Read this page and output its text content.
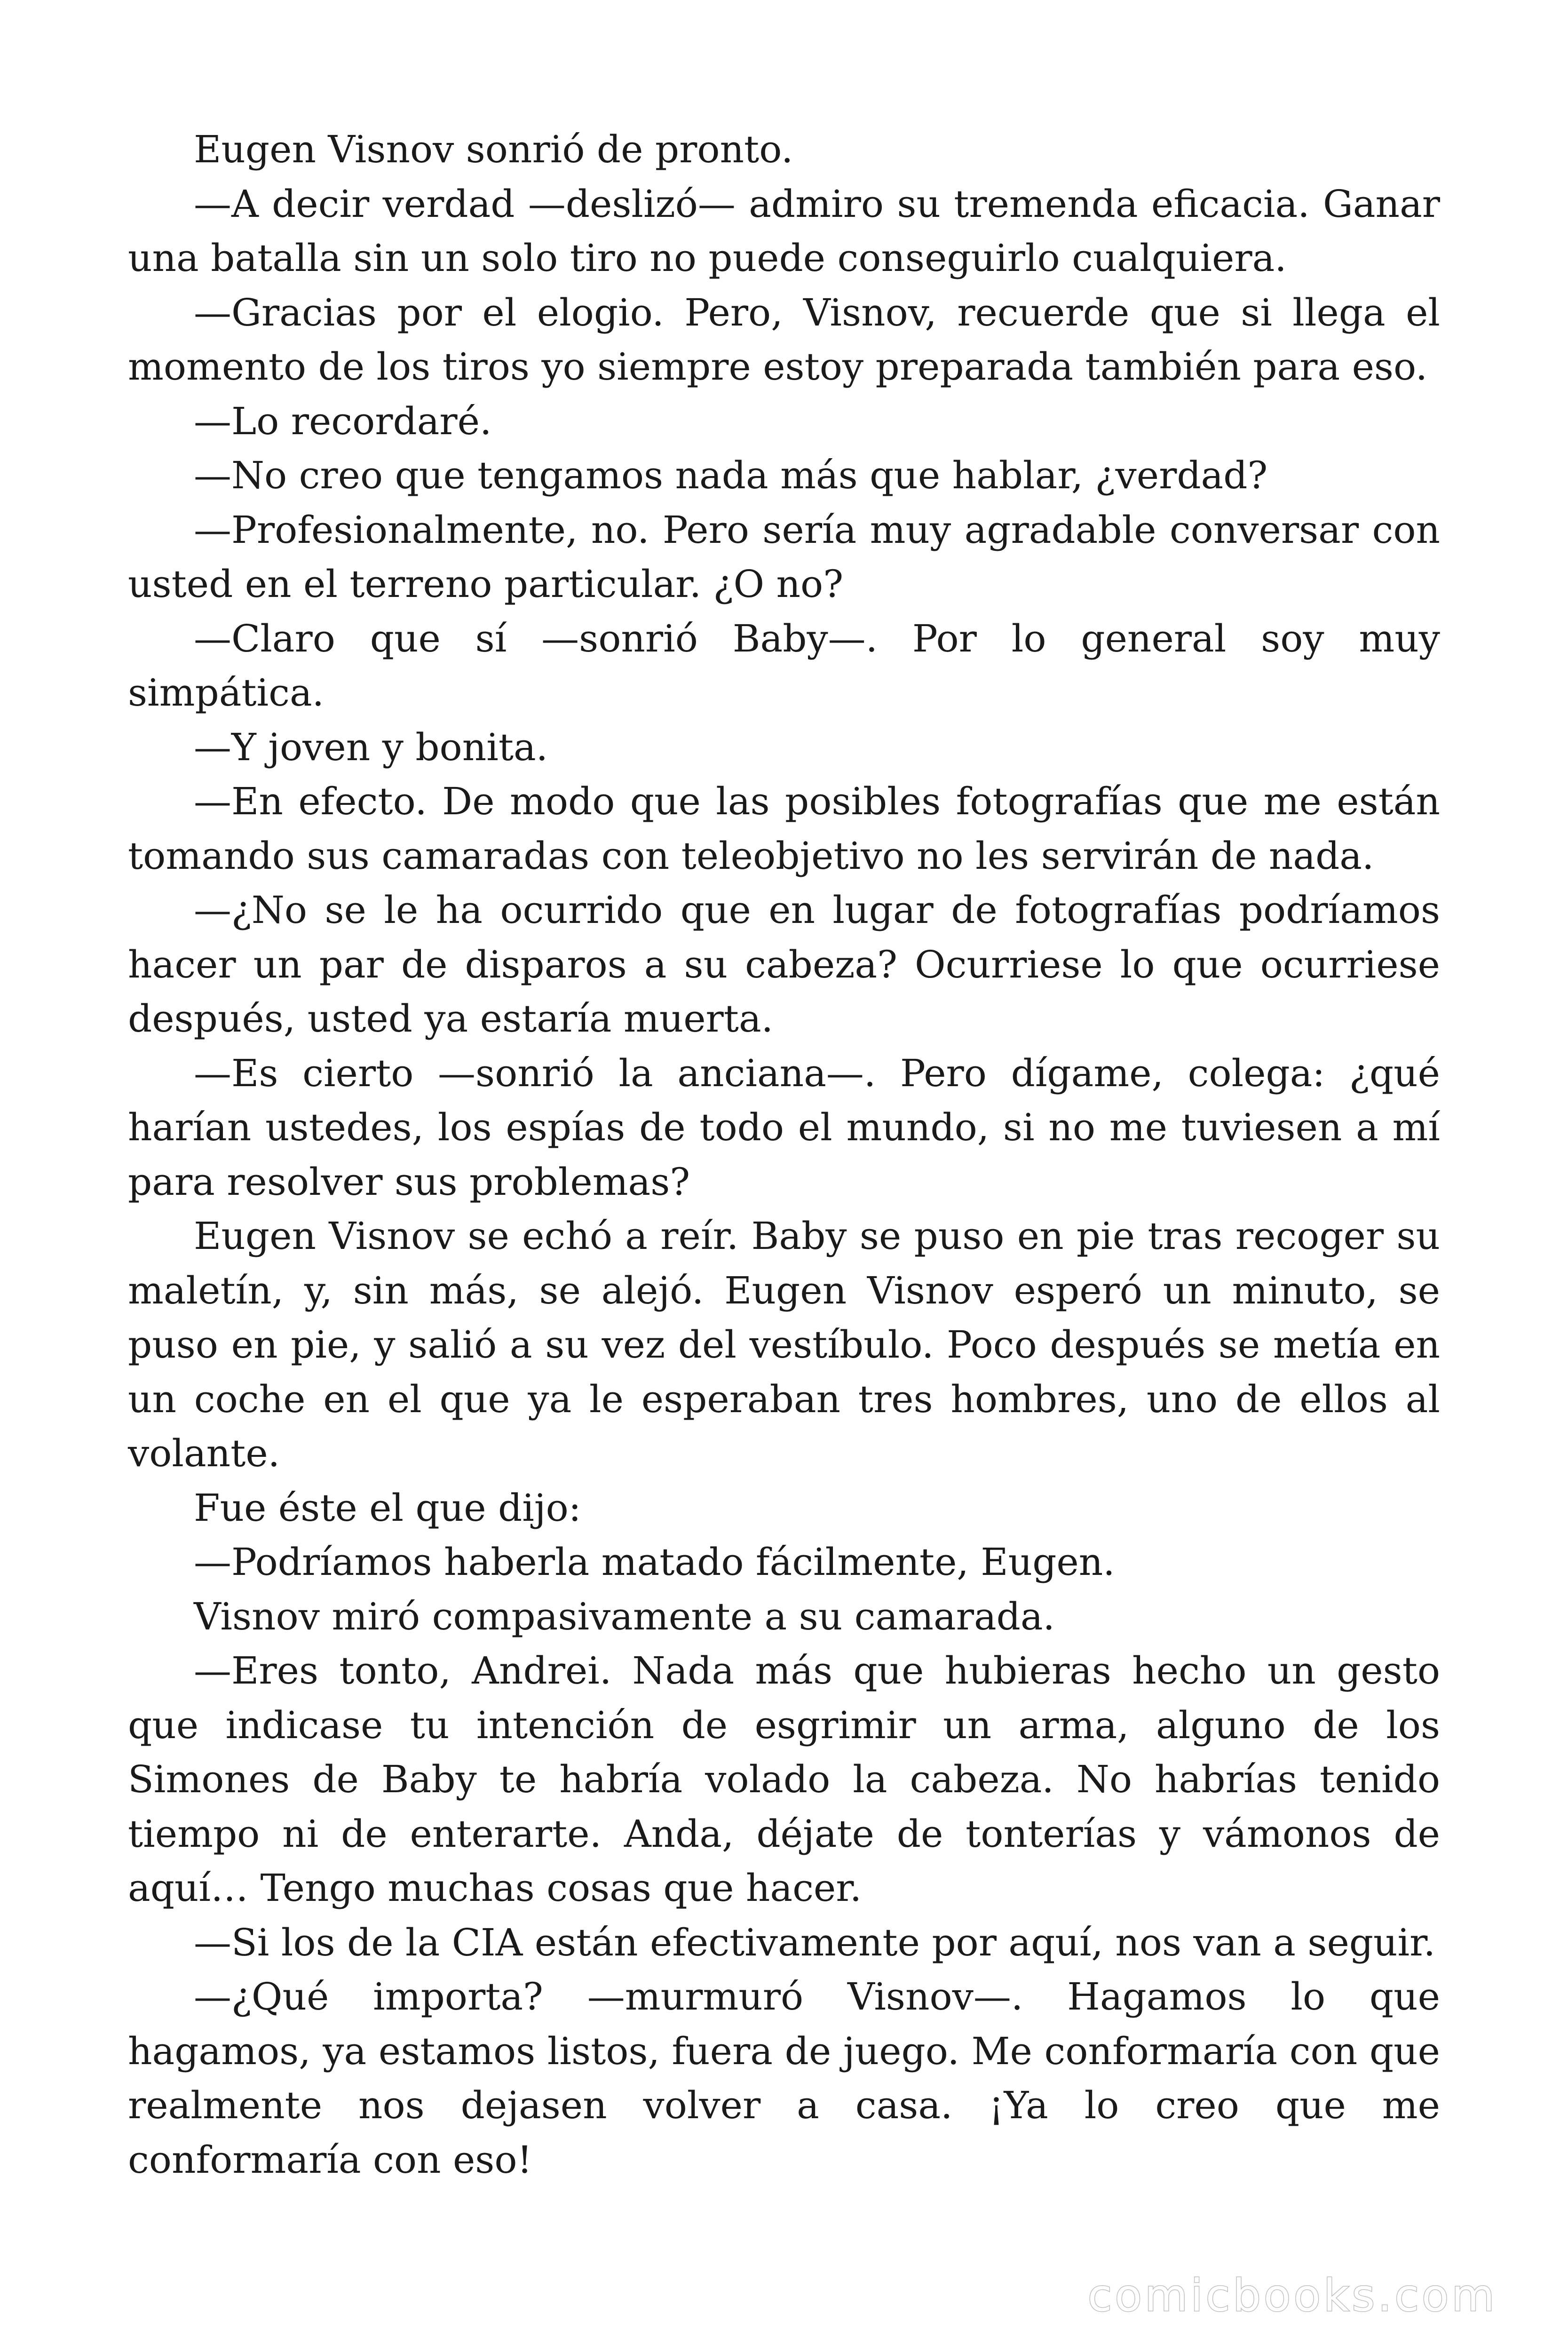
Eugen Visnov sonrió de pronto.

—A decir verdad —deslizó— admiro su tremenda eficacia. Ganar una batalla sin un solo tiro no puede conseguirlo cualquiera.

—Gracias por el elogio. Pero, Visnov, recuerde que si llega el momento de los tiros yo siempre estoy preparada también para eso.

—Lo recordaré.

—No creo que tengamos nada más que hablar, ¿verdad?

—Profesionalmente, no. Pero sería muy agradable conversar con usted en el terreno particular. ¿O no?

—Claro que sí —sonrió Baby—. Por lo general soy muy simpática.

—Y joven y bonita.

—En efecto. De modo que las posibles fotografías que me están tomando sus camaradas con teleobjetivo no les servirán de nada.

—¿No se le ha ocurrido que en lugar de fotografías podríamos hacer un par de disparos a su cabeza? Ocurriese lo que ocurriese después, usted ya estaría muerta.

—Es cierto —sonrió la anciana—. Pero dígame, colega: ¿qué harían ustedes, los espías de todo el mundo, si no me tuviesen a mí para resolver sus problemas?

Eugen Visnov se echó a reír. Baby se puso en pie tras recoger su maletín, y, sin más, se alejó. Eugen Visnov esperó un minuto, se puso en pie, y salió a su vez del vestíbulo. Poco después se metía en un coche en el que ya le esperaban tres hombres, uno de ellos al volante.

Fue éste el que dijo:

—Podríamos haberla matado fácilmente, Eugen.

Visnov miró compasivamente a su camarada.

—Eres tonto, Andrei. Nada más que hubieras hecho un gesto que indicase tu intención de esgrimir un arma, alguno de los Simones de Baby te habría volado la cabeza. No habrías tenido tiempo ni de enterarte. Anda, déjate de tonterías y vámonos de aquí… Tengo muchas cosas que hacer.

—Si los de la CIA están efectivamente por aquí, nos van a seguir.

—¿Qué importa? —murmuró Visnov—. Hagamos lo que hagamos, ya estamos listos, fuera de juego. Me conformaría con que realmente nos dejasen volver a casa. ¡Ya lo creo que me conformaría con eso!

comicbooks.com
